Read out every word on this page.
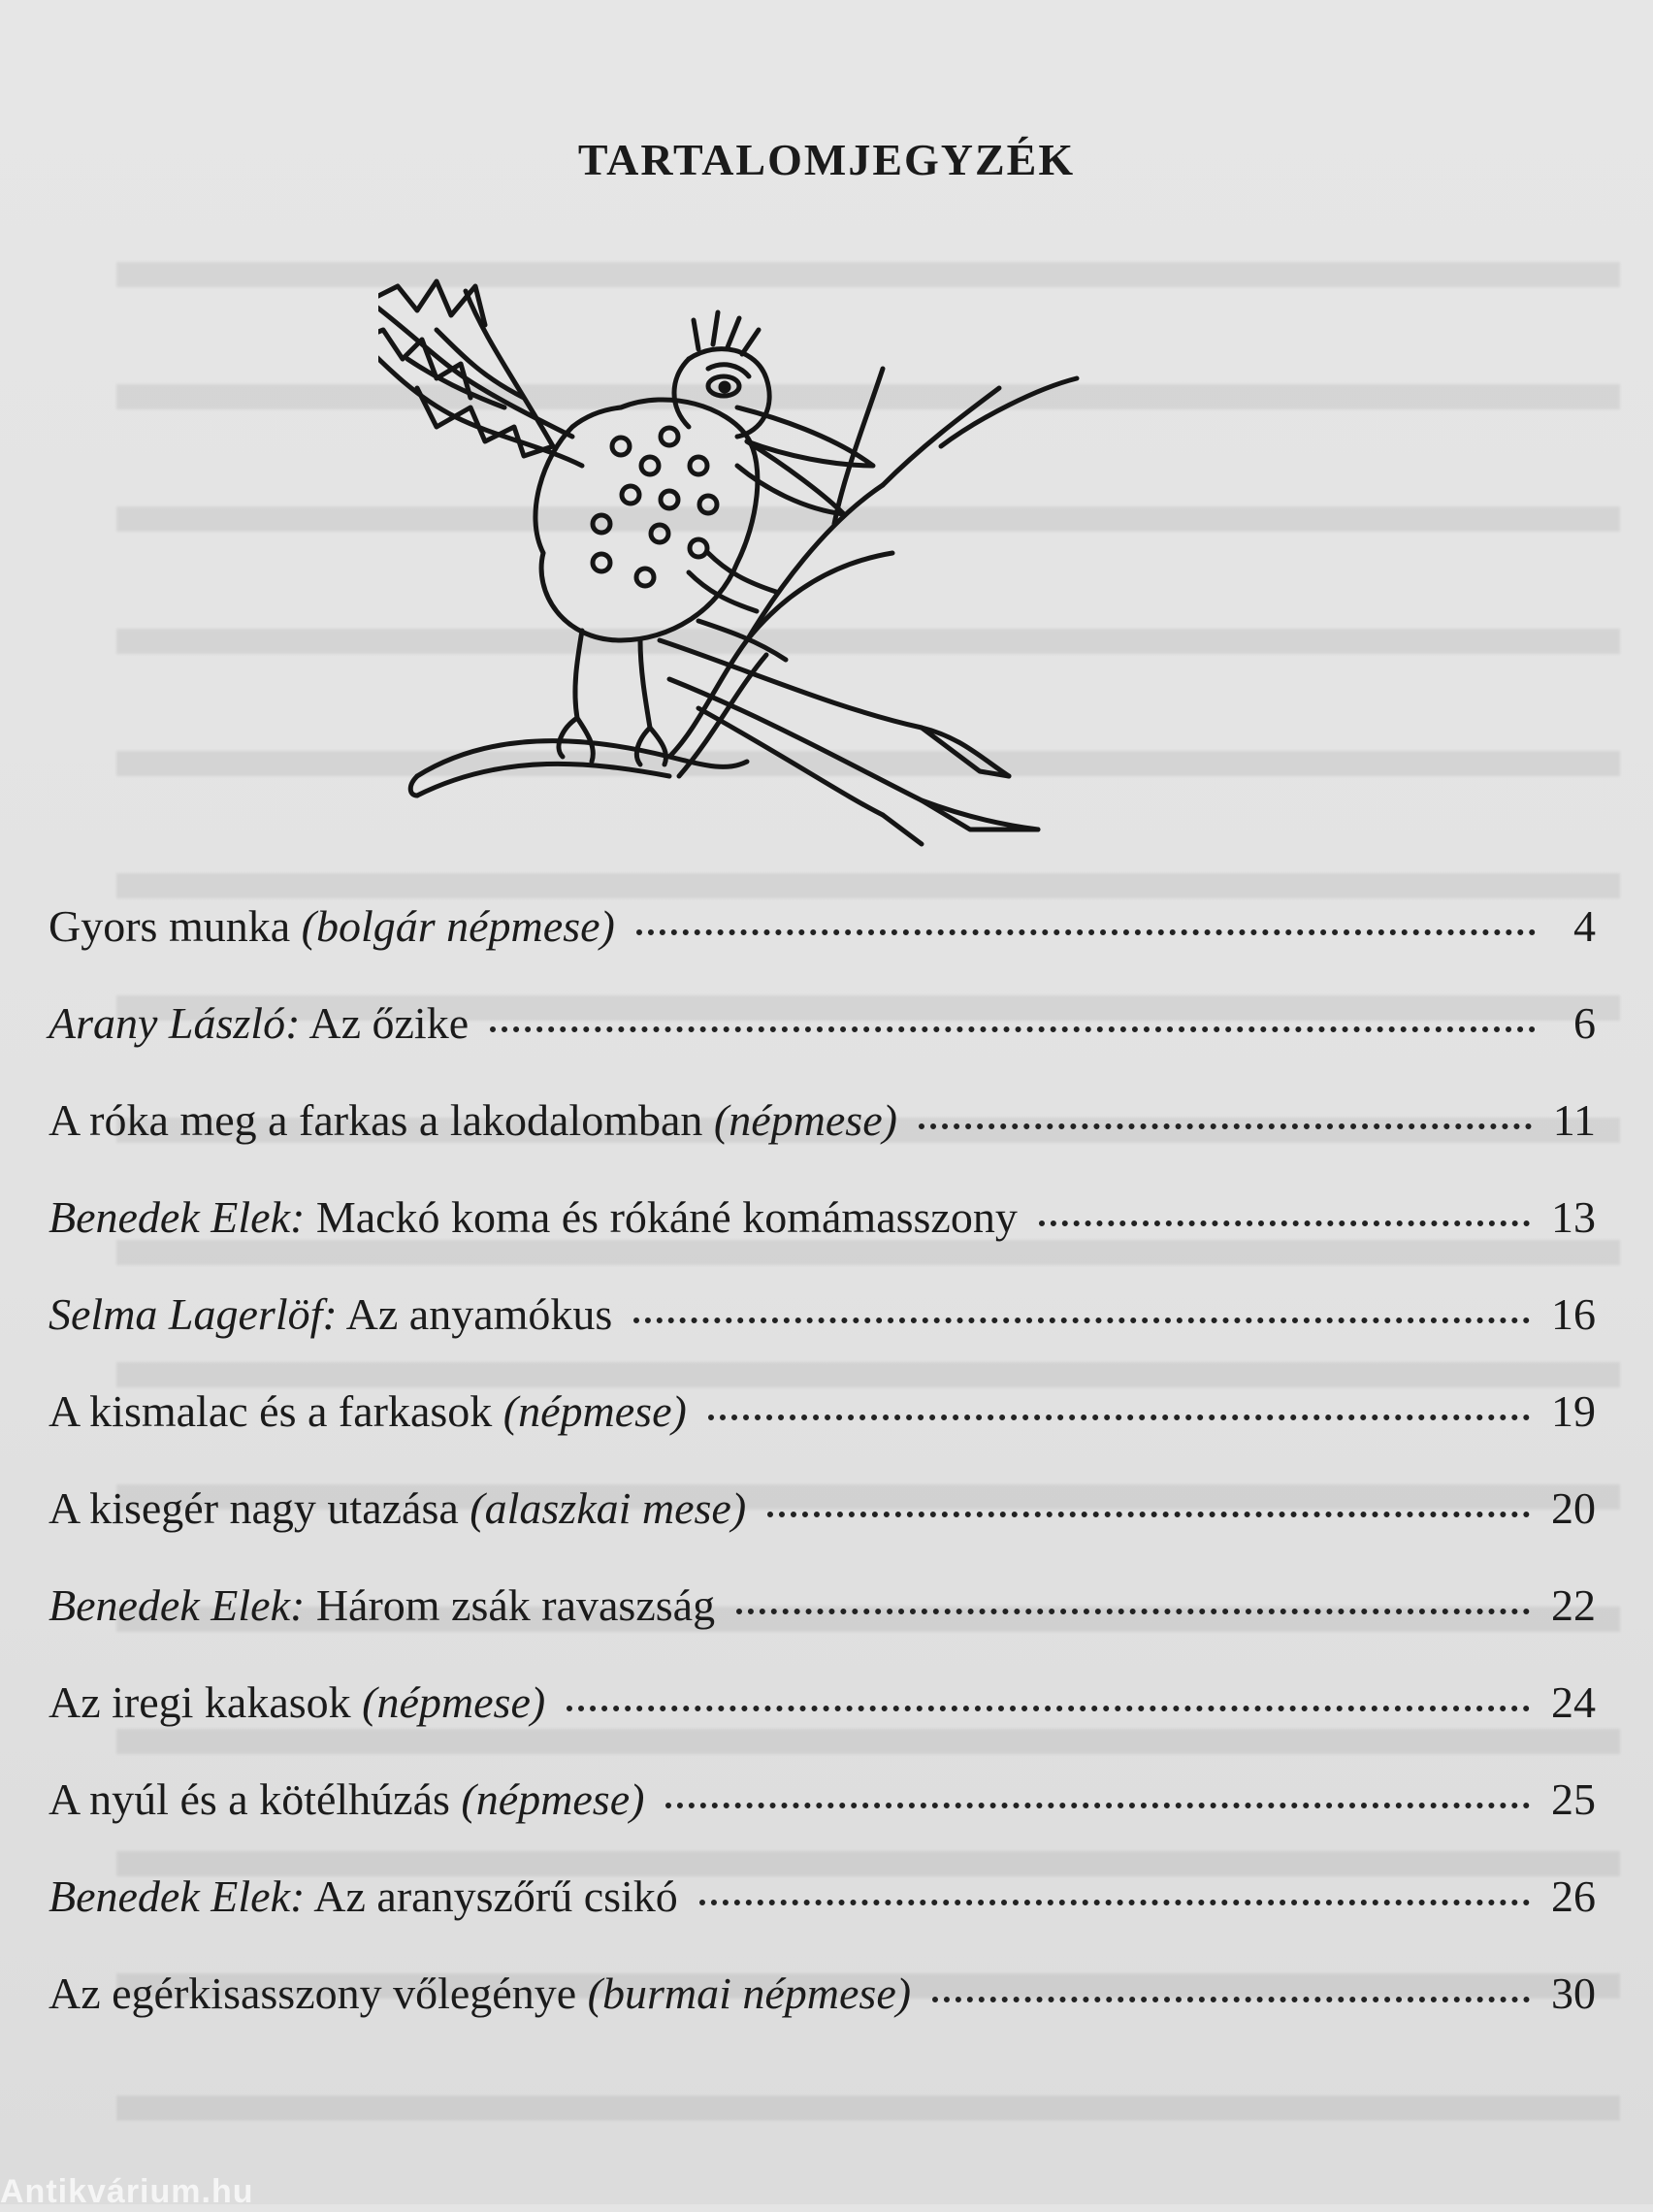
TARTALOMJEGYZÉK
Gyors munka (bolgár népmese)	4
Arany László: Az őzike	6
A róka meg a farkas a lakodalomban (népmese)	11
Benedek Elek: Mackó koma és rókáné komámasszony	13
Selma Lagerlöf: Az anyamókus	16
A kismalac és a farkasok (népmese)	19
A kisegér nagy utazása (alaszkai mese)	20
Benedek Elek: Három zsák ravaszság	22
Az iregi kakasok (népmese)	24
A nyúl és a kötélhúzás (népmese)	25
Benedek Elek: Az aranyszőrű csikó	26
Az egérkisasszony vőlegénye (burmai népmese)	30
Antikvárium.hu
